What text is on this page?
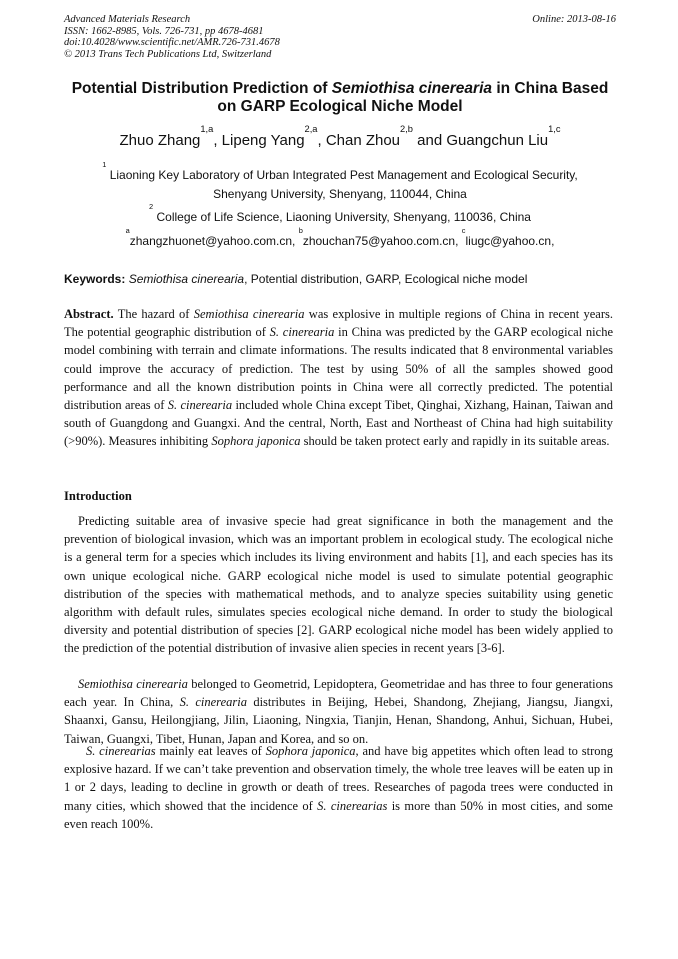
Advanced Materials Research
ISSN: 1662-8985, Vols. 726-731, pp 4678-4681
doi:10.4028/www.scientific.net/AMR.726-731.4678
© 2013 Trans Tech Publications Ltd, Switzerland
Online: 2013-08-16
Potential Distribution Prediction of Semiothisa cinerearia in China Based on GARP Ecological Niche Model
Zhuo Zhang$^{1,a}$, Lipeng Yang$^{2,a}$, Chan Zhou$^{2,b}$ and Guangchun Liu$^{1,c}$
$^1$ Liaoning Key Laboratory of Urban Integrated Pest Management and Ecological Security,
Shenyang University, Shenyang, 110044, China
$^2$ College of Life Science, Liaoning University, Shenyang, 110036, China
$^a$zhangzhuonet@yahoo.com.cn, $^b$zhouchan75@yahoo.com.cn, $^c$liugc@yahoo.cn,
Keywords: Semiothisa cinerearia, Potential distribution, GARP, Ecological niche model

Abstract. The hazard of Semiothisa cinerearia was explosive in multiple regions of China in recent years. The potential geographic distribution of S. cinerearia in China was predicted by the GARP ecological niche model combining with terrain and climate informations. The results indicated that 8 environmental variables could improve the accuracy of prediction. The test by using 50% of all the samples showed good performance and all the known distribution points in China were all correctly predicted. The potential distribution areas of S. cinerearia included whole China except Tibet, Qinghai, Xizhang, Hainan, Taiwan and south of Guangdong and Guangxi. And the central, North, East and Northeast of China had high suitability (>90%). Measures inhibiting Sophora japonica should be taken protect early and rapidly in its suitable areas.

Introduction

Predicting suitable area of invasive specie had great significance in both the management and the prevention of biological invasion, which was an important problem in ecological study. The ecological niche is a general term for a species which includes its living environment and habits [1], and each species has its own unique ecological niche. GARP ecological niche model is used to simulate potential geographic distribution of the species with mathematical methods, and to analyze species suitability using genetic algorithm with default rules, simulates species ecological niche demand. In order to study the biological diversity and potential distribution of species [2]. GARP ecological niche model has been widely applied to the prediction of the potential distribution of invasive alien species in recent years [3-6].

Semiothisa cinerearia belonged to Geometrid, Lepidoptera, Geometridae and has three to four generations each year. In China, S. cinerearia distributes in Beijing, Hebei, Shandong, Zhejiang, Jiangsu, Jiangxi, Shaanxi, Gansu, Heilongjiang, Jilin, Liaoning, Ningxia, Tianjin, Henan, Shandong, Anhui, Sichuan, Hubei, Taiwan, Guangxi, Tibet, Hunan, Japan and Korea, and so on.

S. cinerearias mainly eat leaves of Sophora japonica, and have big appetites which often lead to strong explosive hazard. If we can’t take prevention and observation timely, the whole tree leaves will be eaten up in 1 or 2 days, leading to decline in growth or death of trees. Researches of pagoda trees were conducted in many cities, which showed that the incidence of S. cinerearias is more than 50% in most cities, and some even reach 100%.
